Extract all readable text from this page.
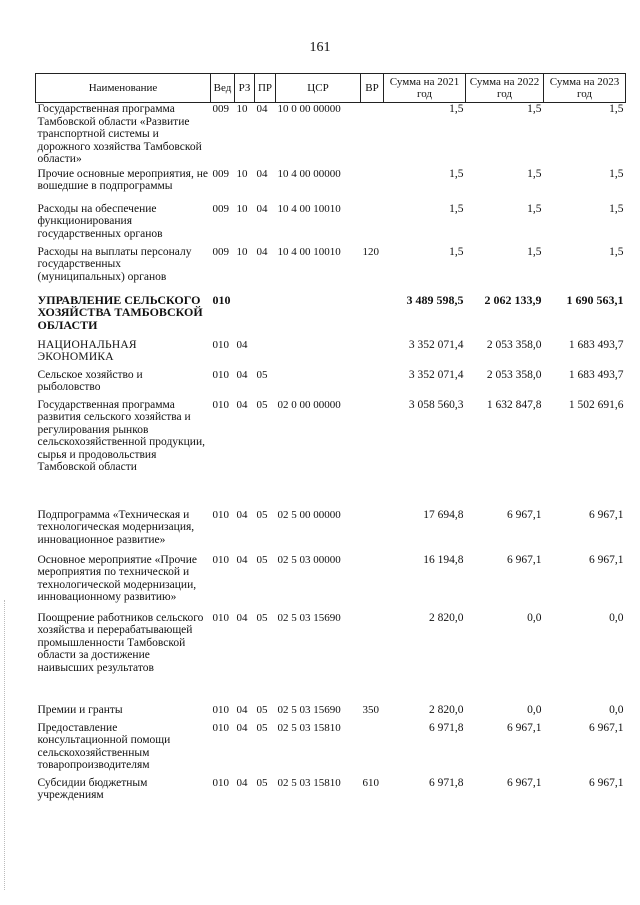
161
Наименование	Вед	РЗ	ПР	ЦСР	ВР	Сумма на 2021 год	Сумма на 2022 год	Сумма на 2023 год
Государственная программа Тамбовской области «Развитие транспортной системы и дорожного хозяйства Тамбовской области»	009	10	04	10 0 00 00000		1,5	1,5	1,5
Прочие основные мероприятия, не вошедшие в подпрограммы	009	10	04	10 4 00 00000		1,5	1,5	1,5
Расходы на обеспечение функционирования государственных органов	009	10	04	10 4 00 10010		1,5	1,5	1,5
Расходы на выплаты персоналу государственных (муниципальных) органов	009	10	04	10 4 00 10010	120	1,5	1,5	1,5
УПРАВЛЕНИЕ СЕЛЬСКОГО ХОЗЯЙСТВА ТАМБОВСКОЙ ОБЛАСТИ	010					3 489 598,5	2 062 133,9	1 690 563,1
НАЦИОНАЛЬНАЯ ЭКОНОМИКА	010	04				3 352 071,4	2 053 358,0	1 683 493,7
Сельское хозяйство и рыболовство	010	04	05			3 352 071,4	2 053 358,0	1 683 493,7
Государственная программа развития сельского хозяйства и регулирования рынков сельскохозяйственной продукции, сырья и продовольствия Тамбовской области	010	04	05	02 0 00 00000		3 058 560,3	1 632 847,8	1 502 691,6
Подпрограмма «Техническая и технологическая модернизация, инновационное развитие»	010	04	05	02 5 00 00000		17 694,8	6 967,1	6 967,1
Основное мероприятие «Прочие мероприятия по технической и технологической модернизации, инновационному развитию»	010	04	05	02 5 03 00000		16 194,8	6 967,1	6 967,1
Поощрение работников сельского хозяйства и перерабатывающей промышленности Тамбовской области за достижение наивысших результатов	010	04	05	02 5 03 15690		2 820,0	0,0	0,0
Премии и гранты	010	04	05	02 5 03 15690	350	2 820,0	0,0	0,0
Предоставление консультационной помощи сельскохозяйственным товаропроизводителям	010	04	05	02 5 03 15810		6 971,8	6 967,1	6 967,1
Субсидии бюджетным учреждениям	010	04	05	02 5 03 15810	610	6 971,8	6 967,1	6 967,1
